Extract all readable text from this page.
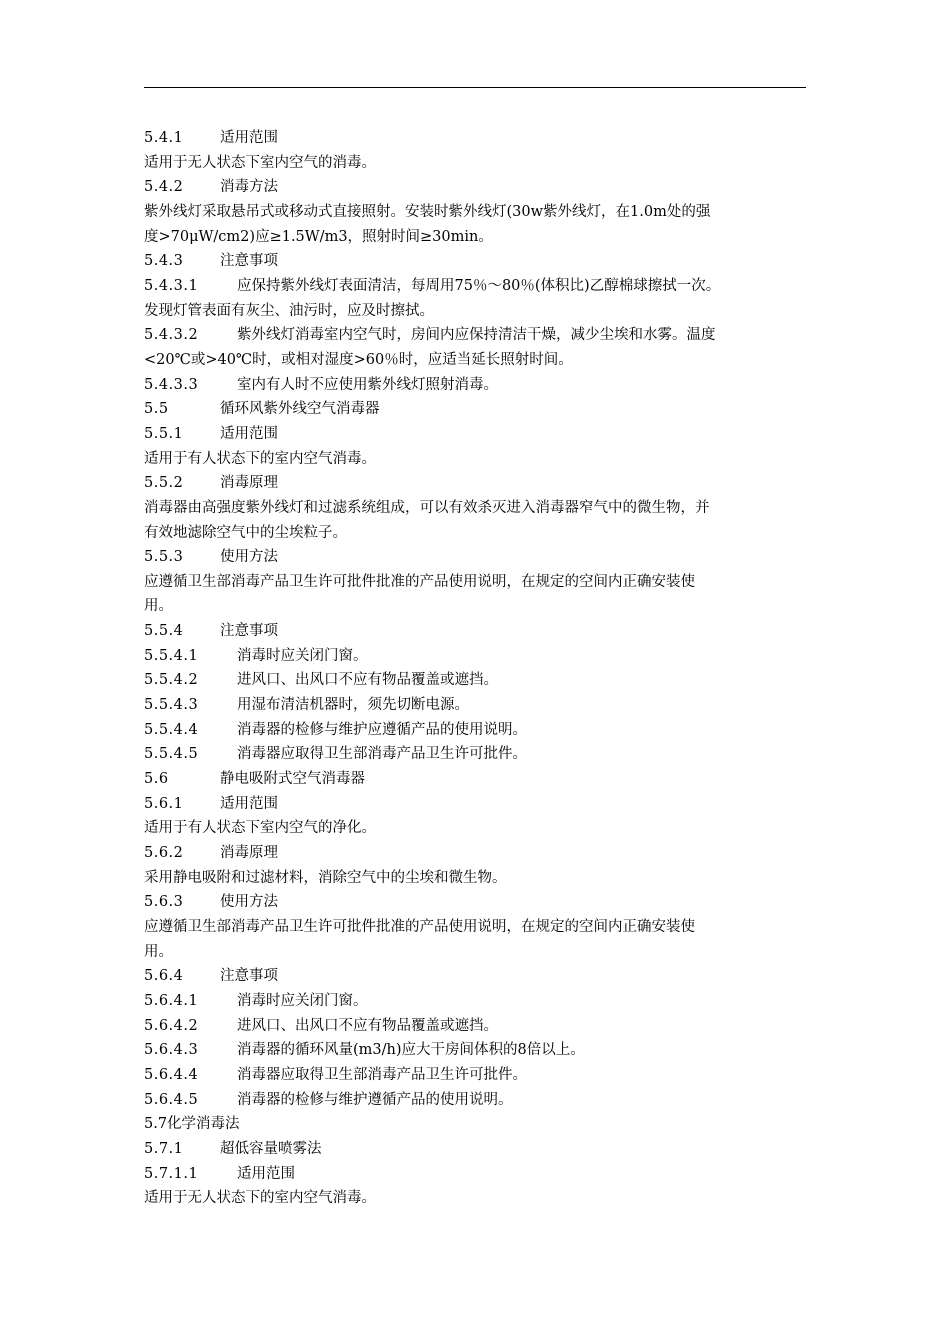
5.4.1	适用范围
适用于无人状态下室内空气的消毒。
5.4.2	消毒方法
紫外线灯采取悬吊式或移动式直接照射。安装时紫外线灯(30w紫外线灯，在1.0m处的强
度>70μW/cm2)应≥1.5W/m3，照射时间≥30min。
5.4.3	注意事项
5.4.3.1	应保持紫外线灯表面清洁，每周用75％～80％(体积比)乙醇棉球擦拭一次。
发现灯管表面有灰尘、油污时，应及时擦拭。
5.4.3.2	紫外线灯消毒室内空气时，房间内应保持清洁干燥，减少尘埃和水雾。温度
<20℃或>40℃时，或相对湿度>60％时，应适当延长照射时间。
5.4.3.3	室内有人时不应使用紫外线灯照射消毒。
5.5	循环风紫外线空气消毒器
5.5.1	适用范围
适用于有人状态下的室内空气消毒。
5.5.2	消毒原理
消毒器由高强度紫外线灯和过滤系统组成，可以有效杀灭进入消毒器窄气中的微生物，并
有效地滤除空气中的尘埃粒子。
5.5.3	使用方法
应遵循卫生部消毒产品卫生许可批件批准的产品使用说明，在规定的空间内正确安装使
用。
5.5.4	注意事项
5.5.4.1	消毒时应关闭门窗。
5.5.4.2	进风口、出风口不应有物品覆盖或遮挡。
5.5.4.3	用湿布清洁机器时，须先切断电源。
5.5.4.4	消毒器的检修与维护应遵循产品的使用说明。
5.5.4.5	消毒器应取得卫生部消毒产品卫生许可批件。
5.6	静电吸附式空气消毒器
5.6.1	适用范围
适用于有人状态下室内空气的净化。
5.6.2	消毒原理
采用静电吸附和过滤材料，消除空气中的尘埃和微生物。
5.6.3	使用方法
应遵循卫生部消毒产品卫生许可批件批准的产品使用说明，在规定的空间内正确安装使
用。
5.6.4	注意事项
5.6.4.1	消毒时应关闭门窗。
5.6.4.2	进风口、出风口不应有物品覆盖或遮挡。
5.6.4.3	消毒器的循环风量(m3/h)应大干房间体积的8倍以上。
5.6.4.4	消毒器应取得卫生部消毒产品卫生许可批件。
5.6.4.5	消毒器的检修与维护遵循产品的使用说明。
5.7化学消毒法
5.7.1	超低容量喷雾法
5.7.1.1	适用范围
适用于无人状态下的室内空气消毒。
